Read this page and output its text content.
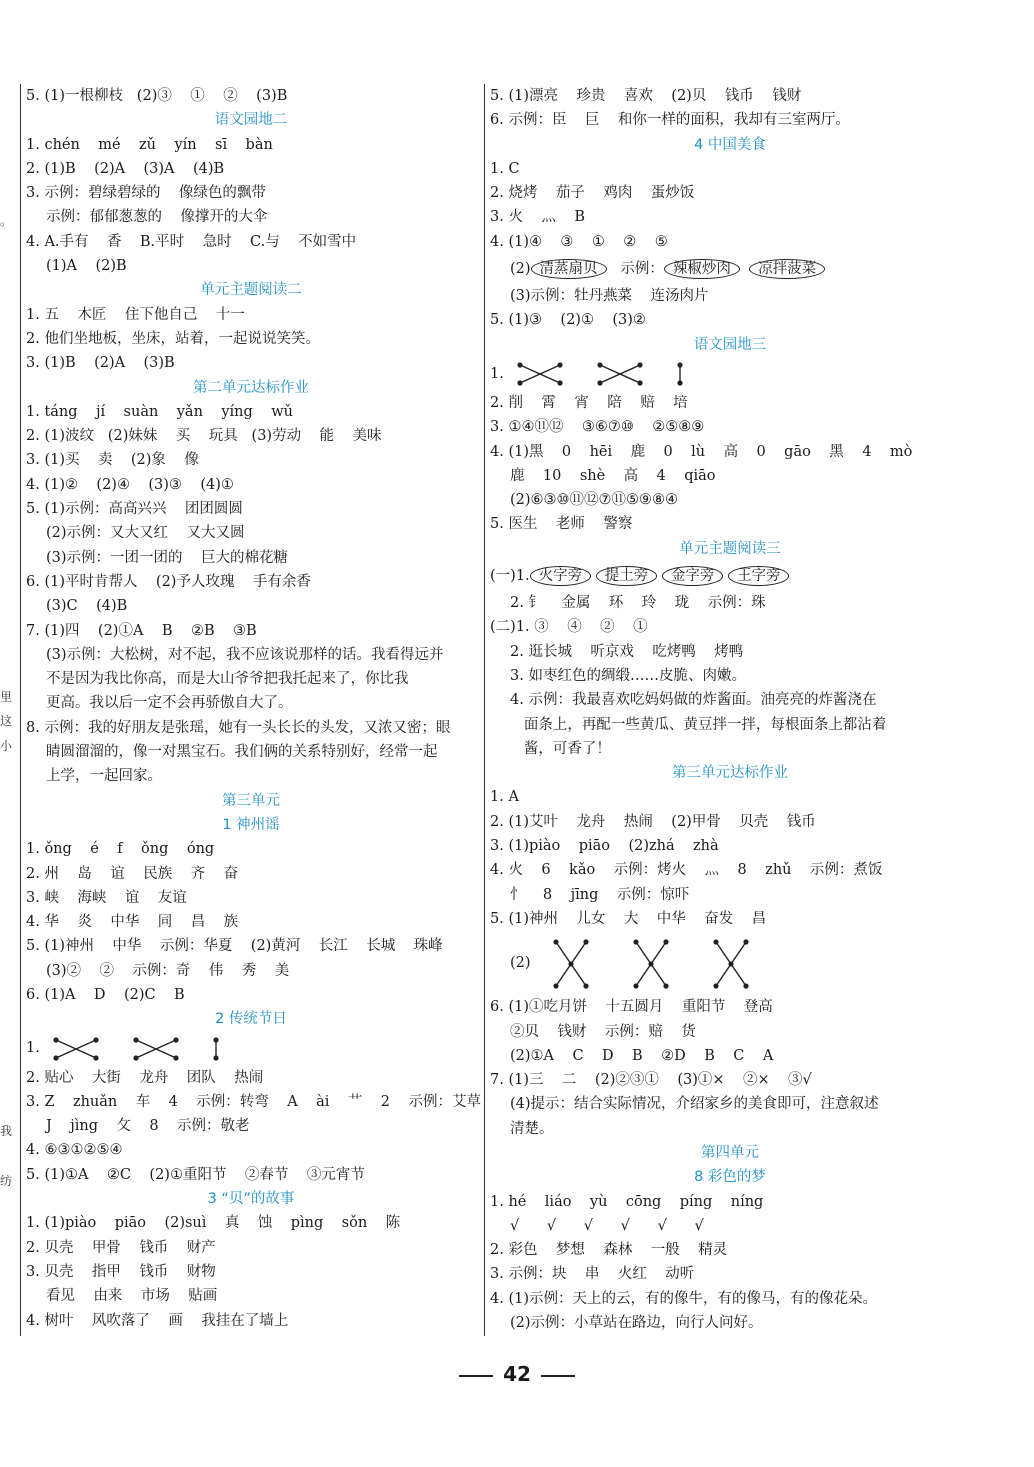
。
里
这
小
我
纺
5. (1)一根柳枝   (2)③    ①    ②    (3)B
语文园地二
1. chén    mé    zǔ    yín    sī    bàn
2. (1)B    (2)A    (3)A    (4)B
3. 示例：碧绿碧绿的    像绿色的飘带
示例：郁郁葱葱的    像撑开的大伞
4. A.手有    香    B.平时    急时    C.与    不如雪中
(1)A    (2)B
单元主题阅读二
1. 五    木匠    住下他自己    十一
2. 他们坐地板，坐床，站着，一起说说笑笑。
3. (1)B    (2)A    (3)B
第二单元达标作业
1. táng    jí    suàn    yǎn    yíng    wǔ
2. (1)波纹   (2)妹妹    买    玩具   (3)劳动    能    美味
3. (1)买    卖    (2)象    像
4. (1)②    (2)④    (3)③    (4)①
5. (1)示例：高高兴兴    团团圆圆
(2)示例：又大又红    又大又圆
(3)示例：一团一团的    巨大的棉花糖
6. (1)平时肯帮人    (2)予人玫瑰    手有余香
(3)C    (4)B
7. (1)四    (2)①A    B    ②B    ③B
(3)示例：大松树，对不起，我不应该说那样的话。我看得远并
不是因为我比你高，而是大山爷爷把我托起来了，你比我
更高。我以后一定不会再骄傲自大了。
8. 示例：我的好朋友是张瑶，她有一头长长的头发，又浓又密；眼
睛圆溜溜的，像一对黑宝石。我们俩的关系特别好，经常一起
上学，一起回家。
第三单元
1 神州谣
1. ǒng    é    f    ǒng    óng
2. 州    岛    谊    民族    齐    奋
3. 峡    海峡    谊    友谊
4. 华    炎    中华    同    昌    族
5. (1)神州    中华    示例：华夏    (2)黄河    长江    长城    珠峰
(3)②    ②    示例：奇    伟    秀    美
6. (1)A    D    (2)C    B
2 传统节日
1.
2. 贴心    大街    龙舟    团队    热闹
3. Z    zhuǎn    车    4    示例：转弯    A    ài    艹    2    示例：艾草
J    jìng    攵    8    示例：敬老
4. ⑥③①②⑤④
5. (1)①A    ②C    (2)①重阳节    ②春节    ③元宵节
3 “贝”的故事
1. (1)piào    piāo    (2)suì    真    蚀    pìng    sǒn    陈
2. 贝壳    甲骨    钱币    财产
3. 贝壳    指甲    钱币    财物
看见    由来    市场    贴画
4. 树叶    风吹落了    画    我挂在了墙上
5. (1)漂亮    珍贵    喜欢    (2)贝    钱币    钱财
6. 示例：臣    巨    和你一样的面积，我却有三室两厅。
4 中国美食
1. C
2. 烧烤    茄子    鸡肉    蛋炒饭
3. 火    灬    B
4. (1)④    ③    ①    ②    ⑤
(2) 清蒸扇贝   示例： 辣椒炒肉 凉拌菠菜
(3)示例：牡丹燕菜    连汤肉片
5. (1)③    (2)①    (3)②
语文园地三
1.
2. 削    霄    宵    陪    赔    培
3. ①④⑪⑫    ③⑥⑦⑩    ②⑤⑧⑨
4. (1)黑    0    hēi    鹿    0    lù    高    0    gāo    黑    4    mò
鹿    10    shè    高    4    qiāo
(2)⑥③⑩⑪⑫⑦⑪⑤⑨⑧④
5. 医生    老师    警察
单元主题阅读三
(一)1. 火字旁 提土旁 金字旁 王字旁
2. 钅    金属    环    玲    珑    示例：珠
(二)1. ③    ④    ②    ①
2. 逛长城    听京戏    吃烤鸭    烤鸭
3. 如枣红色的绸缎……皮脆、肉嫩。
4. 示例：我最喜欢吃妈妈做的炸酱面。油亮亮的炸酱浇在
面条上，再配一些黄瓜、黄豆拌一拌，每根面条上都沾着
酱，可香了！
第三单元达标作业
1. A
2. (1)艾叶    龙舟    热闹    (2)甲骨    贝壳    钱币
3. (1)piào    piāo    (2)zhá    zhà
4. 火    6    kǎo    示例：烤火    灬    8    zhǔ    示例：煮饭
忄    8    jīng    示例：惊吓
5. (1)神州    儿女    大    中华    奋发    昌
(2)
6. (1)①吃月饼    十五圆月    重阳节    登高
②贝    钱财    示例：赔    货
(2)①A    C    D    B    ②D    B    C    A
7. (1)三    二    (2)②③①    (3)①×    ②×    ③√
(4)提示：结合实际情况，介绍家乡的美食即可，注意叙述
清楚。
第四单元
8 彩色的梦
1. hé    liáo    yù    cōng    píng    níng
√      √      √      √      √      √
2. 彩色    梦想    森林    一般    精灵
3. 示例：块    串    火红    动听
4. (1)示例：天上的云，有的像牛，有的像马，有的像花朵。
(2)示例：小草站在路边，向行人问好。
42
